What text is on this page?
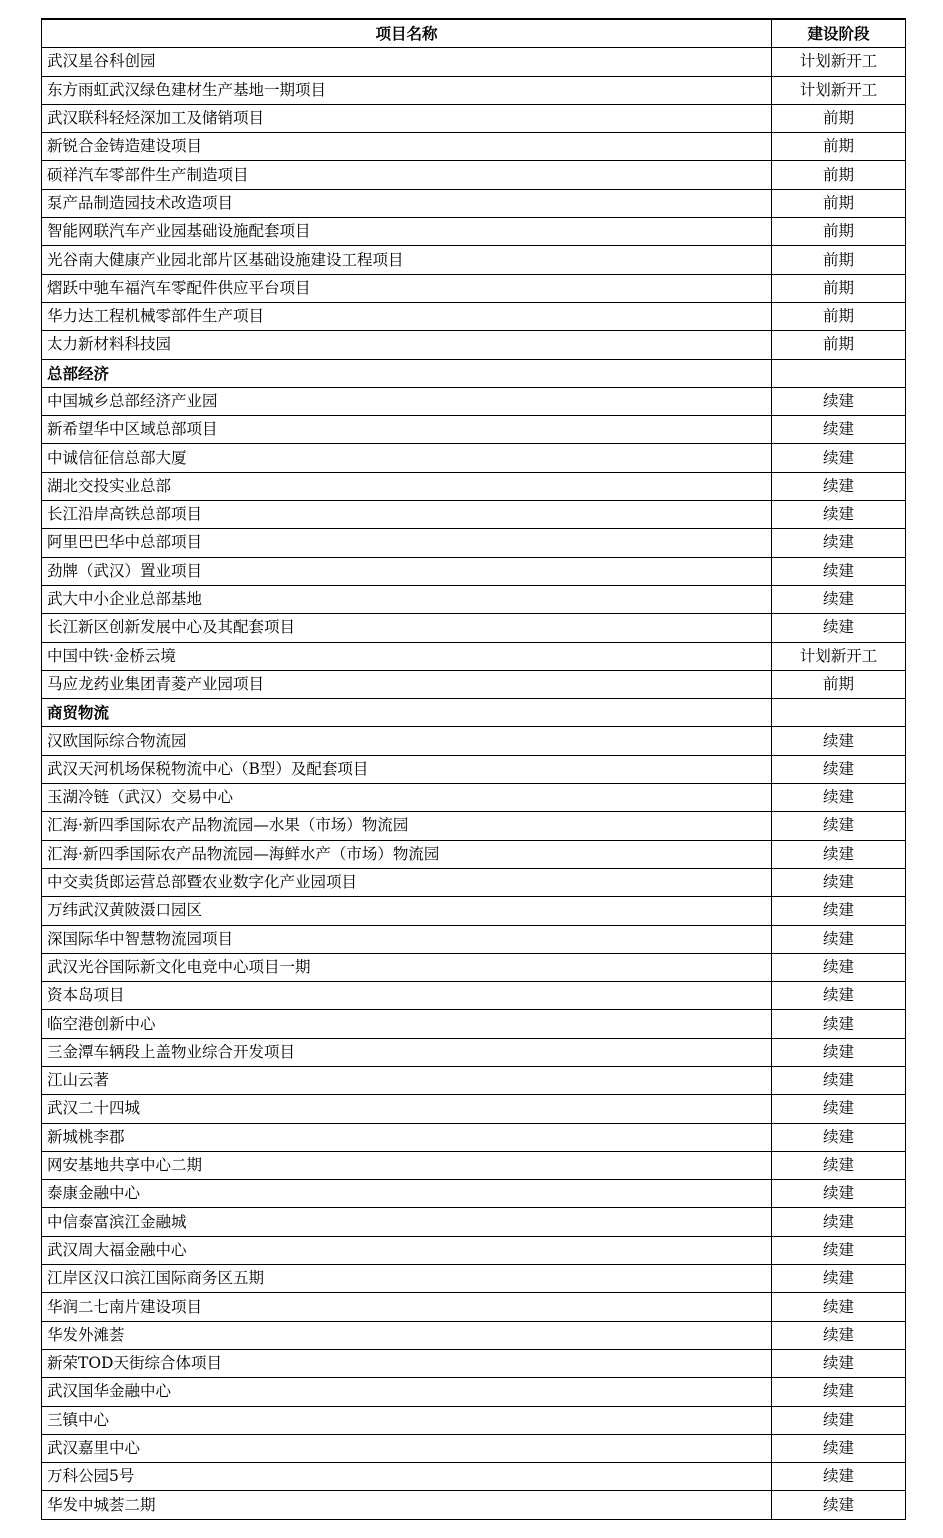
项目名称	建设阶段
武汉星谷科创园	计划新开工
东方雨虹武汉绿色建材生产基地一期项目	计划新开工
武汉联科轻烃深加工及储销项目	前期
新锐合金铸造建设项目	前期
硕祥汽车零部件生产制造项目	前期
泵产品制造园技术改造项目	前期
智能网联汽车产业园基础设施配套项目	前期
光谷南大健康产业园北部片区基础设施建设工程项目	前期
熠跃中驰车福汽车零配件供应平台项目	前期
华力达工程机械零部件生产项目	前期
太力新材料科技园	前期
总部经济	
中国城乡总部经济产业园	续建
新希望华中区域总部项目	续建
中诚信征信总部大厦	续建
湖北交投实业总部	续建
长江沿岸高铁总部项目	续建
阿里巴巴华中总部项目	续建
劲牌（武汉）置业项目	续建
武大中小企业总部基地	续建
长江新区创新发展中心及其配套项目	续建
中国中铁·金桥云境	计划新开工
马应龙药业集团青菱产业园项目	前期
商贸物流	
汉欧国际综合物流园	续建
武汉天河机场保税物流中心（B型）及配套项目	续建
玉湖冷链（武汉）交易中心	续建
汇海·新四季国际农产品物流园—水果（市场）物流园	续建
汇海·新四季国际农产品物流园—海鲜水产（市场）物流园	续建
中交卖货郎运营总部暨农业数字化产业园项目	续建
万纬武汉黄陂滠口园区	续建
深国际华中智慧物流园项目	续建
武汉光谷国际新文化电竞中心项目一期	续建
资本岛项目	续建
临空港创新中心	续建
三金潭车辆段上盖物业综合开发项目	续建
江山云著	续建
武汉二十四城	续建
新城桃李郡	续建
网安基地共享中心二期	续建
泰康金融中心	续建
中信泰富滨江金融城	续建
武汉周大福金融中心	续建
江岸区汉口滨江国际商务区五期	续建
华润二七南片建设项目	续建
华发外滩荟	续建
新荣TOD天街综合体项目	续建
武汉国华金融中心	续建
三镇中心	续建
武汉嘉里中心	续建
万科公园5号	续建
华发中城荟二期	续建
